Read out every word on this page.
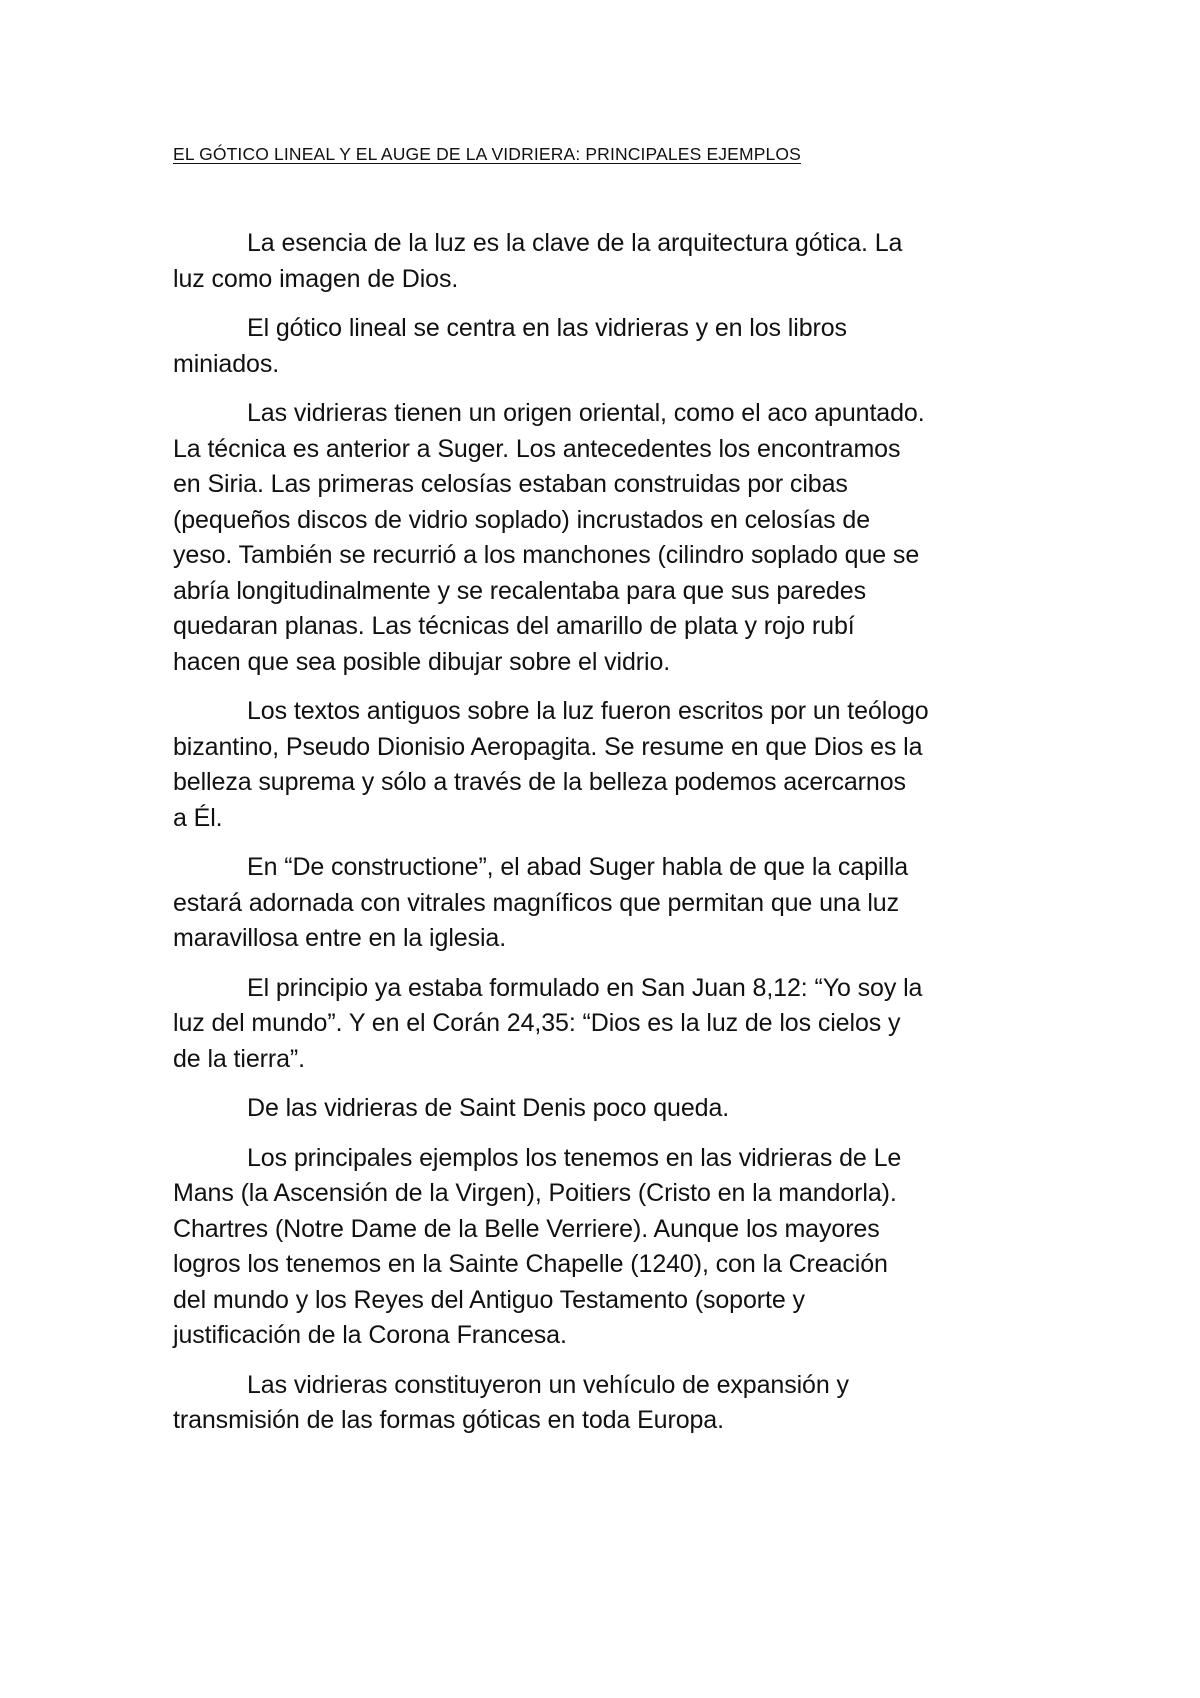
EL GÓTICO LINEAL Y EL AUGE DE LA VIDRIERA: PRINCIPALES EJEMPLOS

La esencia de la luz es la clave de la arquitectura gótica. La
luz como imagen de Dios.

El gótico lineal se centra en las vidrieras y en los libros
miniados.

Las vidrieras tienen un origen oriental, como el aco apuntado.
La técnica es anterior a Suger. Los antecedentes los encontramos
en Siria. Las primeras celosías estaban construidas por cibas
(pequeños discos de vidrio soplado) incrustados en celosías de
yeso. También se recurrió a los manchones (cilindro soplado que se
abría longitudinalmente y se recalentaba para que sus paredes
quedaran planas. Las técnicas del amarillo de plata y rojo rubí
hacen que sea posible dibujar sobre el vidrio.

Los textos antiguos sobre la luz fueron escritos por un teólogo
bizantino, Pseudo Dionisio Aeropagita. Se resume en que Dios es la
belleza suprema y sólo a través de la belleza podemos acercarnos
a Él.

En “De constructione”, el abad Suger habla de que la capilla
estará adornada con vitrales magníficos que permitan que una luz
maravillosa entre en la iglesia.

El principio ya estaba formulado en San Juan 8,12: “Yo soy la
luz del mundo”. Y en el Corán 24,35: “Dios es la luz de los cielos y
de la tierra”.

De las vidrieras de Saint Denis poco queda.

Los principales ejemplos los tenemos en las vidrieras de Le
Mans (la Ascensión de la Virgen), Poitiers (Cristo en la mandorla).
Chartres (Notre Dame de la Belle Verriere). Aunque los mayores
logros los tenemos en la Sainte Chapelle (1240), con la Creación
del mundo y los Reyes del Antiguo Testamento (soporte y
justificación de la Corona Francesa.

Las vidrieras constituyeron un vehículo de expansión y
transmisión de las formas góticas en toda Europa.
